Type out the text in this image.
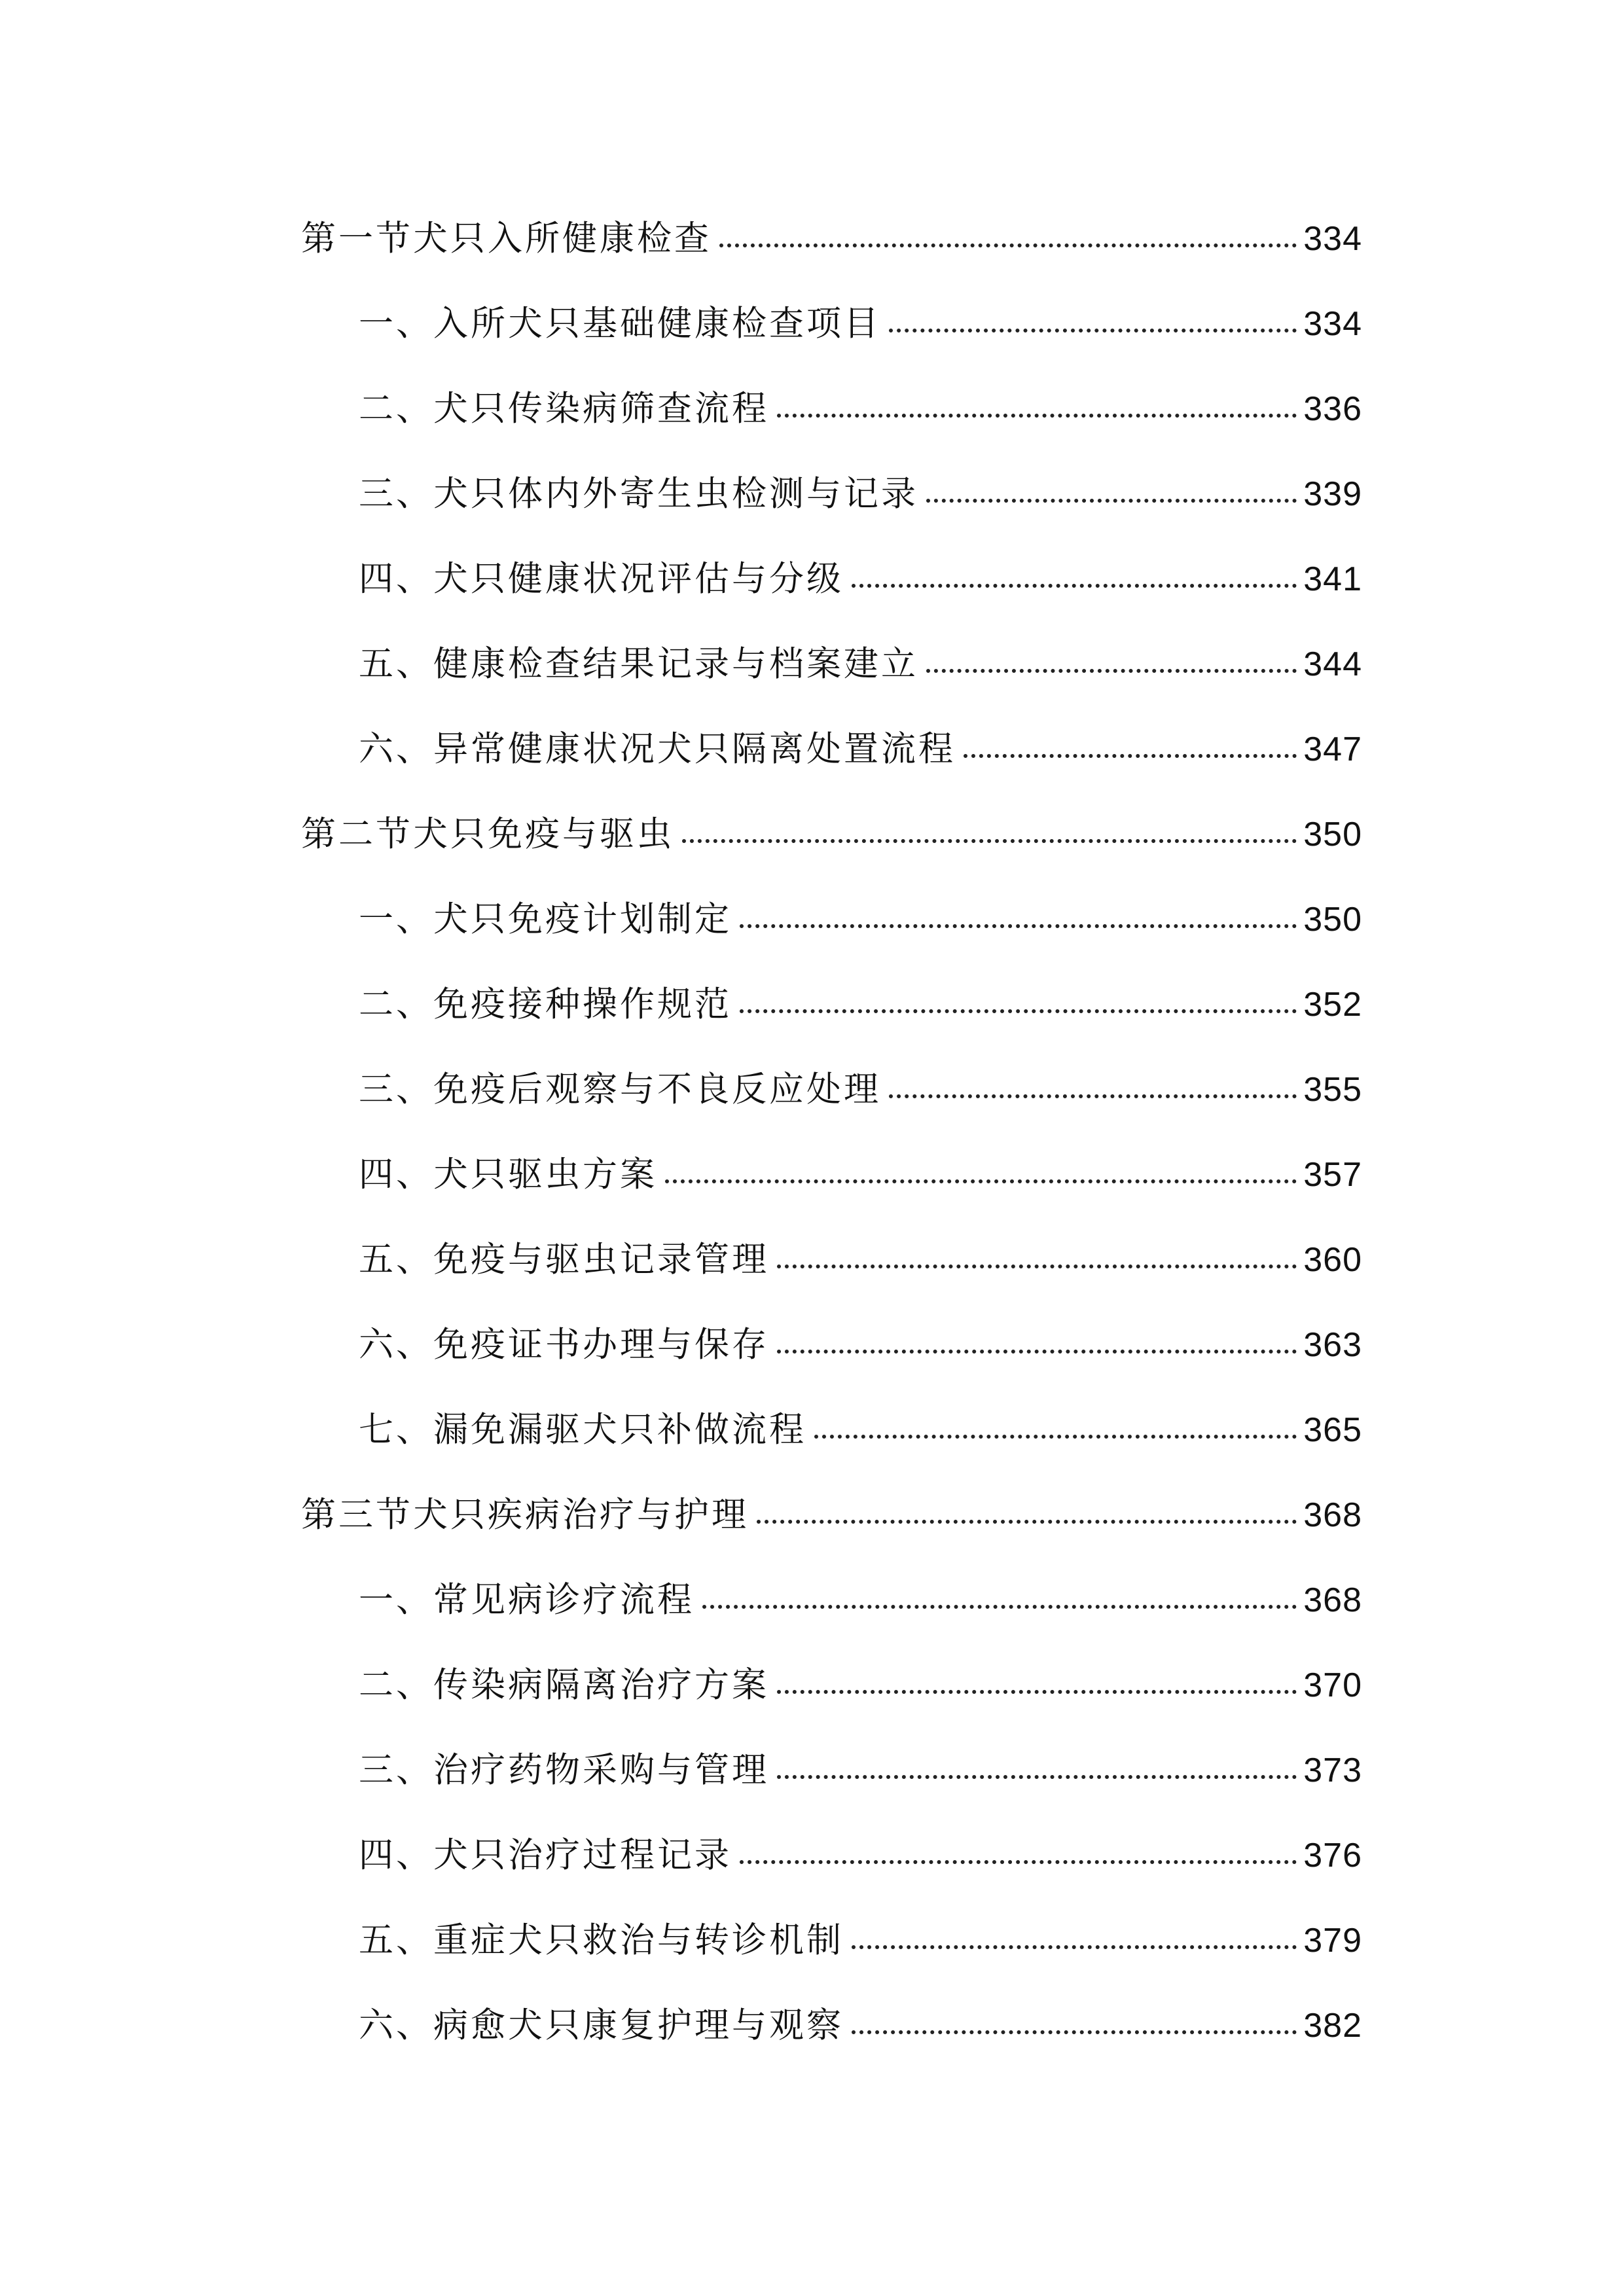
第一节犬只入所健康检查	334
一、入所犬只基础健康检查项目	334
二、犬只传染病筛查流程	336
三、犬只体内外寄生虫检测与记录	339
四、犬只健康状况评估与分级	341
五、健康检查结果记录与档案建立	344
六、异常健康状况犬只隔离处置流程	347
第二节犬只免疫与驱虫	350
一、犬只免疫计划制定	350
二、免疫接种操作规范	352
三、免疫后观察与不良反应处理	355
四、犬只驱虫方案	357
五、免疫与驱虫记录管理	360
六、免疫证书办理与保存	363
七、漏免漏驱犬只补做流程	365
第三节犬只疾病治疗与护理	368
一、常见病诊疗流程	368
二、传染病隔离治疗方案	370
三、治疗药物采购与管理	373
四、犬只治疗过程记录	376
五、重症犬只救治与转诊机制	379
六、病愈犬只康复护理与观察	382
